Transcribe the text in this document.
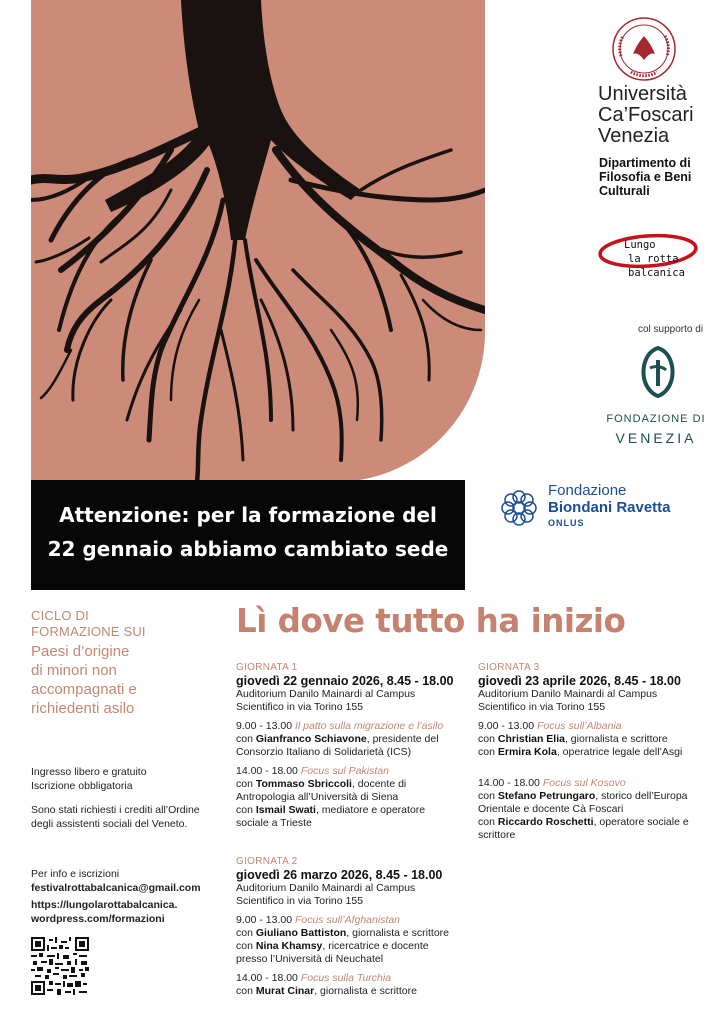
Attenzione: per la formazione del
22 gennaio abbiamo cambiato sede
Università
Ca’Foscari
Venezia
Dipartimento di
Filosofia e Beni
Culturali
Lungo
la rotta balcanica
col supporto di
FONDAZIONE DI
VENEZIA
Fondazione
Biondani Ravetta
ONLUS
CICLO DI
FORMAZIONE SUI
Paesi d’origine
di minori non
accompagnati e
richiedenti asilo
Ingresso libero e gratuito
Iscrizione obbligatoria
Sono stati richiesti i crediti all’Ordine
degli assistenti sociali del Veneto.
Per info e iscrizioni
festivalrottabalcanica@gmail.com
https://lungolarottabalcanica.
wordpress.com/formazioni
Lì dove tutto ha inizio
GIORNATA 1
giovedì 22 gennaio 2026, 8.45 - 18.00
Auditorium Danilo Mainardi al Campus
Scientifico in via Torino 155
9.00 - 13.00 Il patto sulla migrazione e l’asilo
con Gianfranco Schiavone, presidente del
Consorzio Italiano di Solidarietà (ICS)
14.00 - 18.00 Focus sul Pakistan
con Tommaso Sbriccoli, docente di
Antropologia all’Università di Siena
con Ismail Swati, mediatore e operatore
sociale a Trieste
GIORNATA 2
giovedì 26 marzo 2026, 8.45 - 18.00
Auditorium Danilo Mainardi al Campus
Scientifico in via Torino 155
9.00 - 13.00 Focus sull’Afghanistan
con Giuliano Battiston, giornalista e scrittore
con Nina Khamsy, ricercatrice e docente
presso l’Università di Neuchatel
14.00 - 18.00 Focus sulla Turchia
con Murat Cinar, giornalista e scrittore
GIORNATA 3
giovedì 23 aprile 2026, 8.45 - 18.00
Auditorium Danilo Mainardi al Campus
Scientifico in via Torino 155
9.00 - 13.00 Focus sull’Albania
con Christian Elia, giornalista e scrittore
con Ermira Kola, operatrice legale dell’Asgi
14.00 - 18.00 Focus sul Kosovo
con Stefano Petrungaro, storico dell’Europa
Orientale e docente Cà Foscari
con Riccardo Roschetti, operatore sociale e
scrittore
